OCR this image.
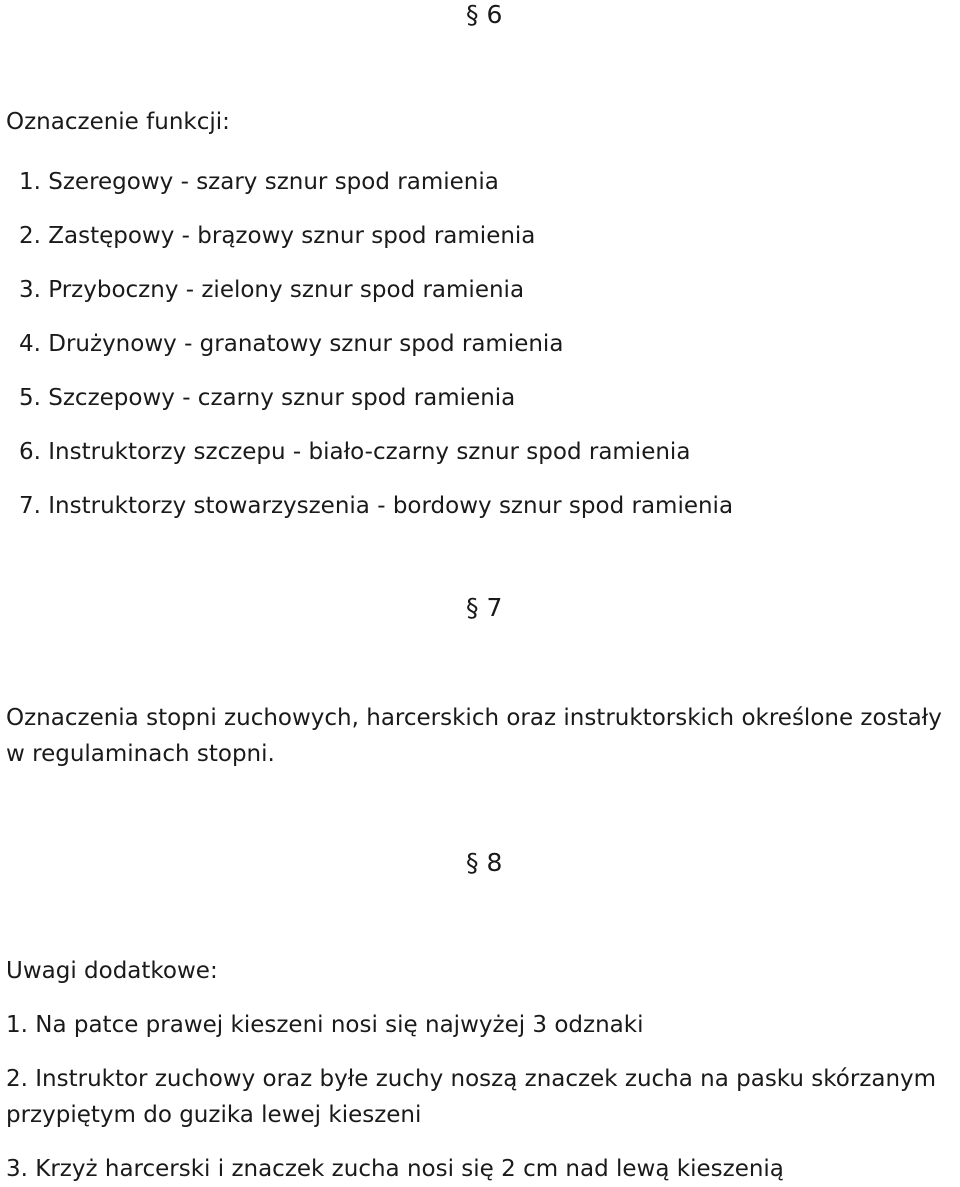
§ 6

Oznaczenie funkcji:

1. Szeregowy - szary sznur spod ramienia
2. Zastępowy - brązowy sznur spod ramienia
3. Przyboczny - zielony sznur spod ramienia
4. Drużynowy - granatowy sznur spod ramienia
5. Szczepowy - czarny sznur spod ramienia
6. Instruktorzy szczepu - biało-czarny sznur spod ramienia
7. Instruktorzy stowarzyszenia - bordowy sznur spod ramienia
§ 7

Oznaczenia stopni zuchowych, harcerskich oraz instruktorskich określone zostały w regulaminach stopni.

§ 8

Uwagi dodatkowe:

1. Na patce prawej kieszeni nosi się najwyżej 3 odznaki

2. Instruktor zuchowy oraz byłe zuchy noszą znaczek zucha na pasku skórzanym przypiętym do guzika lewej kieszeni

3. Krzyż harcerski i znaczek zucha nosi się 2 cm nad lewą kieszenią
